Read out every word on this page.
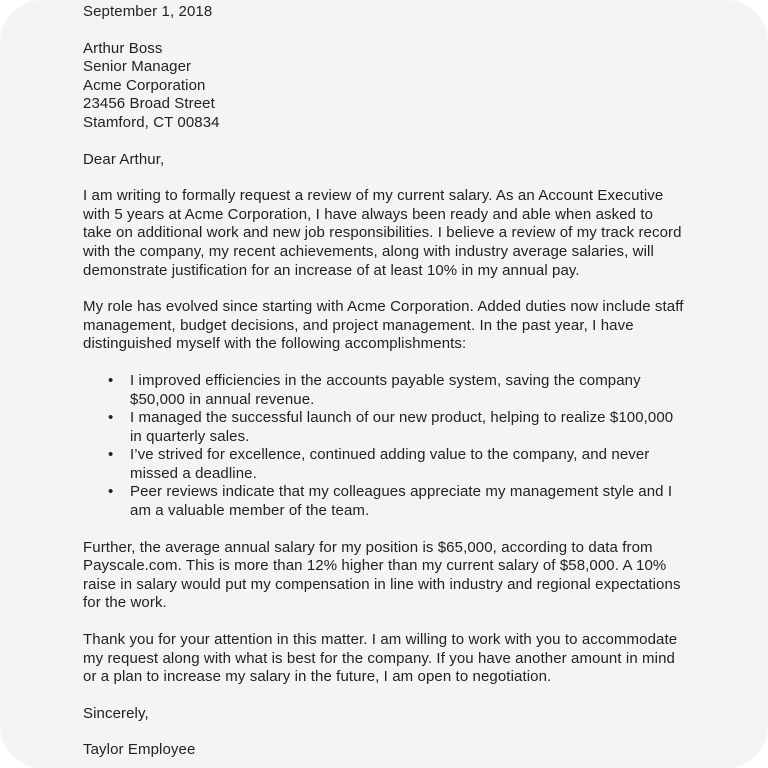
September 1, 2018

Arthur Boss
Senior Manager
Acme Corporation
23456 Broad Street
Stamford, CT 00834

Dear Arthur,

I am writing to formally request a review of my current salary. As an Account Executive with 5 years at Acme Corporation, I have always been ready and able when asked to take on additional work and new job responsibilities. I believe a review of my track record with the company, my recent achievements, along with industry average salaries, will demonstrate justification for an increase of at least 10% in my annual pay.

My role has evolved since starting with Acme Corporation. Added duties now include staff management, budget decisions, and project management. In the past year, I have distinguished myself with the following accomplishments:

•	I improved efficiencies in the accounts payable system, saving the company $50,000 in annual revenue.
•	I managed the successful launch of our new product, helping to realize $100,000 in quarterly sales.
•	I’ve strived for excellence, continued adding value to the company, and never missed a deadline.
•	Peer reviews indicate that my colleagues appreciate my management style and I am a valuable member of the team.

Further, the average annual salary for my position is $65,000, according to data from Payscale.com. This is more than 12% higher than my current salary of $58,000. A 10% raise in salary would put my compensation in line with industry and regional expectations for the work.

Thank you for your attention in this matter. I am willing to work with you to accommodate my request along with what is best for the company. If you have another amount in mind or a plan to increase my salary in the future, I am open to negotiation.

Sincerely,

Taylor Employee
